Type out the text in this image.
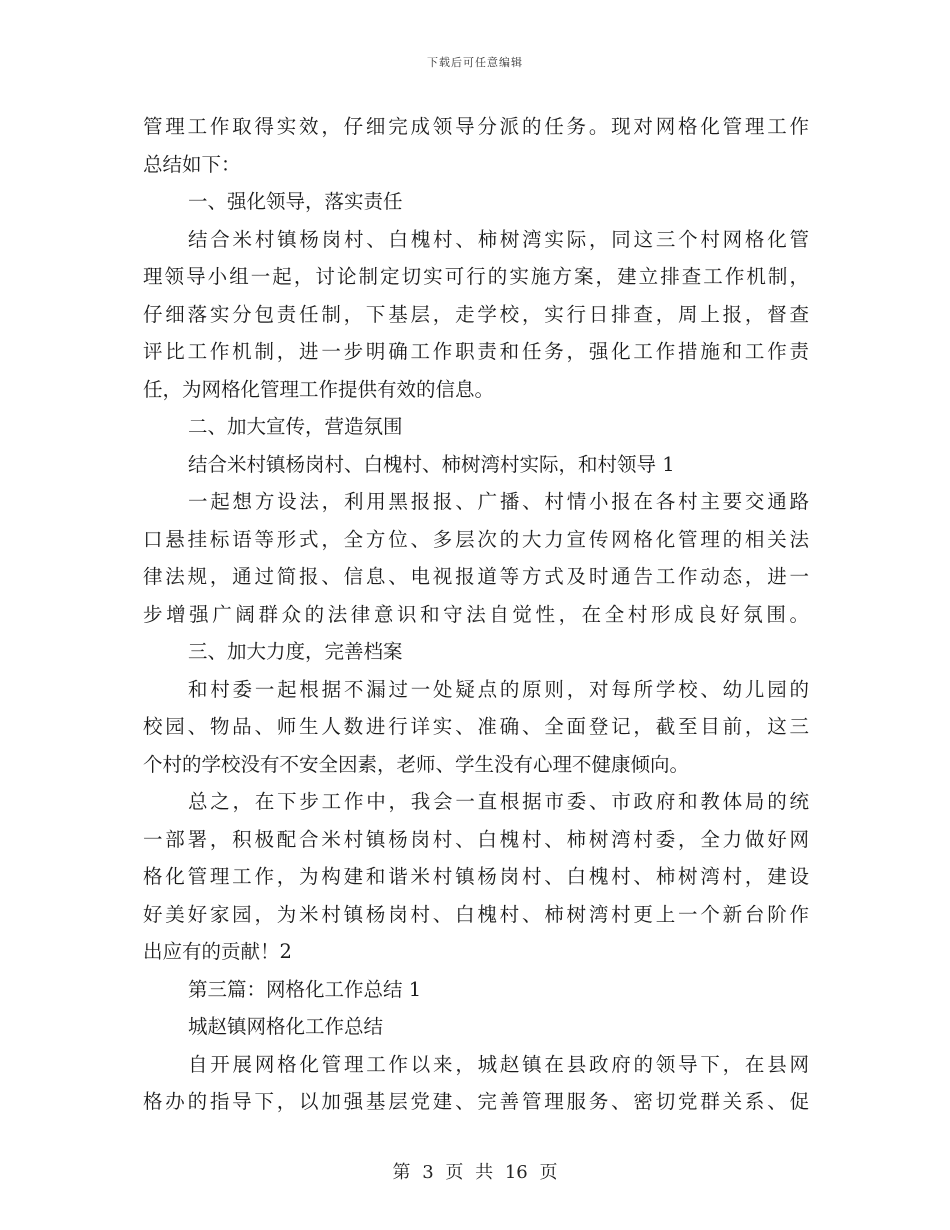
下载后可任意编辑
管理工作取得实效，仔细完成领导分派的任务。现对网格化管理工作
总结如下：
一、强化领导，落实责任
结合米村镇杨岗村、白槐村、柿树湾实际，同这三个村网格化管
理领导小组一起，讨论制定切实可行的实施方案，建立排查工作机制，
仔细落实分包责任制，下基层，走学校，实行日排查，周上报，督查
评比工作机制，进一步明确工作职责和任务，强化工作措施和工作责
任，为网格化管理工作提供有效的信息。
二、加大宣传，营造氛围
结合米村镇杨岗村、白槐村、柿树湾村实际，和村领导 1
一起想方设法，利用黑报报、广播、村情小报在各村主要交通路
口悬挂标语等形式，全方位、多层次的大力宣传网格化管理的相关法
律法规，通过简报、信息、电视报道等方式及时通告工作动态，进一
步增强广阔群众的法律意识和守法自觉性，在全村形成良好氛围。
三、加大力度，完善档案
和村委一起根据不漏过一处疑点的原则，对每所学校、幼儿园的
校园、物品、师生人数进行详实、准确、全面登记，截至目前，这三
个村的学校没有不安全因素，老师、学生没有心理不健康倾向。
总之，在下步工作中，我会一直根据市委、市政府和教体局的统
一部署，积极配合米村镇杨岗村、白槐村、柿树湾村委，全力做好网
格化管理工作，为构建和谐米村镇杨岗村、白槐村、柿树湾村，建设
好美好家园，为米村镇杨岗村、白槐村、柿树湾村更上一个新台阶作
出应有的贡献！2
第三篇：网格化工作总结 1
城赵镇网格化工作总结
自开展网格化管理工作以来，城赵镇在县政府的领导下，在县网
格办的指导下，以加强基层党建、完善管理服务、密切党群关系、促
第 3 页 共 16 页
